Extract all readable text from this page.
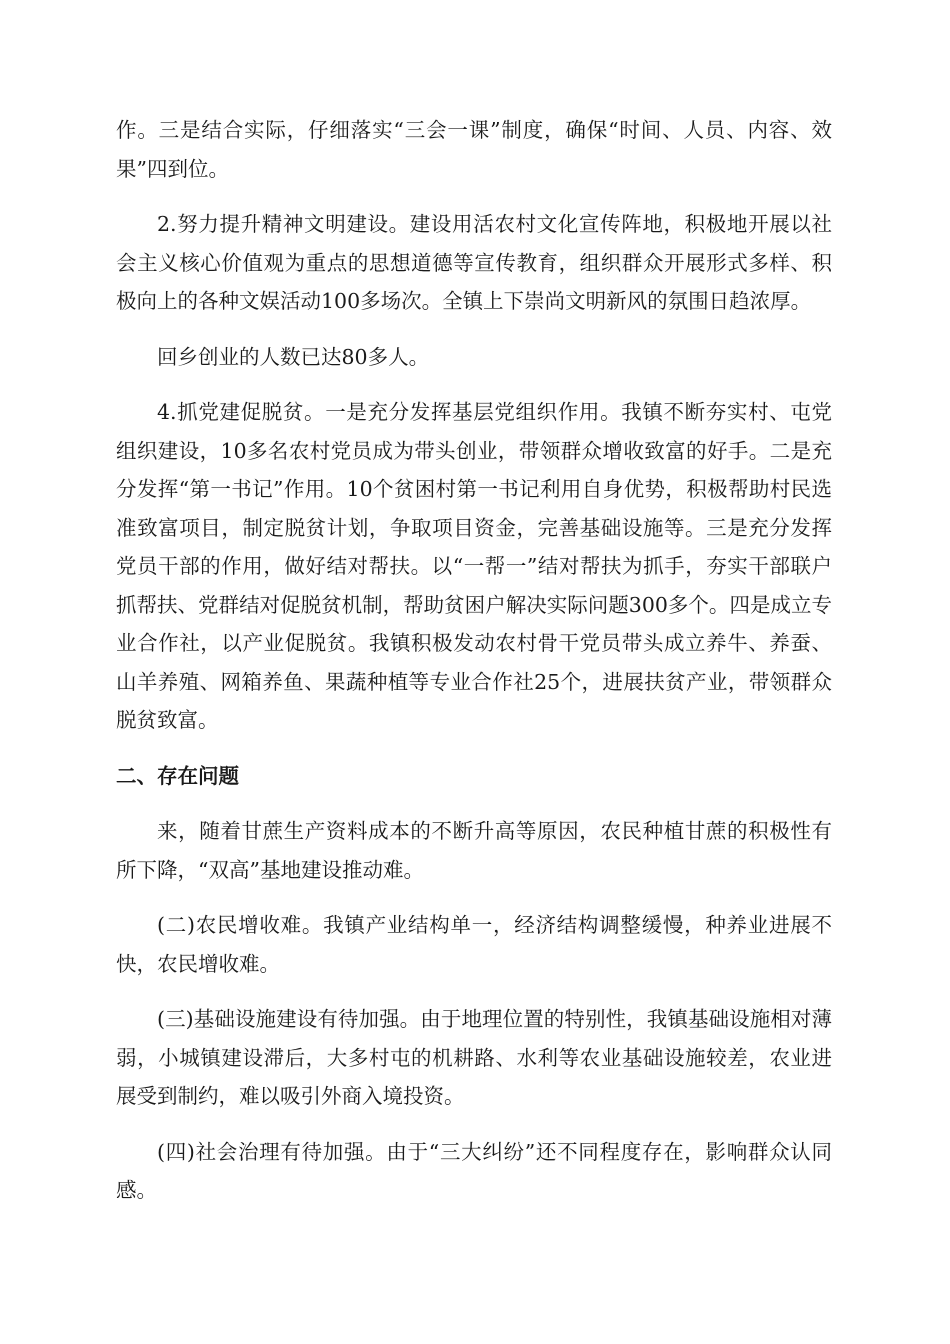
作。三是结合实际，仔细落实“三会一课”制度，确保“时间、人员、内容、效果”四到位。

2.努力提升精神文明建设。建设用活农村文化宣传阵地，积极地开展以社会主义核心价值观为重点的思想道德等宣传教育，组织群众开展形式多样、积极向上的各种文娱活动100多场次。全镇上下崇尚文明新风的氛围日趋浓厚。

回乡创业的人数已达80多人。

4.抓党建促脱贫。一是充分发挥基层党组织作用。我镇不断夯实村、屯党组织建设，10多名农村党员成为带头创业，带领群众增收致富的好手。二是充分发挥“第一书记”作用。10个贫困村第一书记利用自身优势，积极帮助村民选准致富项目，制定脱贫计划，争取项目资金，完善基础设施等。三是充分发挥党员干部的作用，做好结对帮扶。以“一帮一”结对帮扶为抓手，夯实干部联户抓帮扶、党群结对促脱贫机制，帮助贫困户解决实际问题300多个。四是成立专业合作社，以产业促脱贫。我镇积极发动农村骨干党员带头成立养牛、养蚕、山羊养殖、网箱养鱼、果蔬种植等专业合作社25个，进展扶贫产业，带领群众脱贫致富。

二、存在问题

来，随着甘蔗生产资料成本的不断升高等原因，农民种植甘蔗的积极性有所下降，“双高”基地建设推动难。

(二)农民增收难。我镇产业结构单一，经济结构调整缓慢，种养业进展不快，农民增收难。

(三)基础设施建设有待加强。由于地理位置的特别性，我镇基础设施相对薄弱，小城镇建设滞后，大多村屯的机耕路、水利等农业基础设施较差，农业进展受到制约，难以吸引外商入境投资。

(四)社会治理有待加强。由于“三大纠纷”还不同程度存在，影响群众认同感。
